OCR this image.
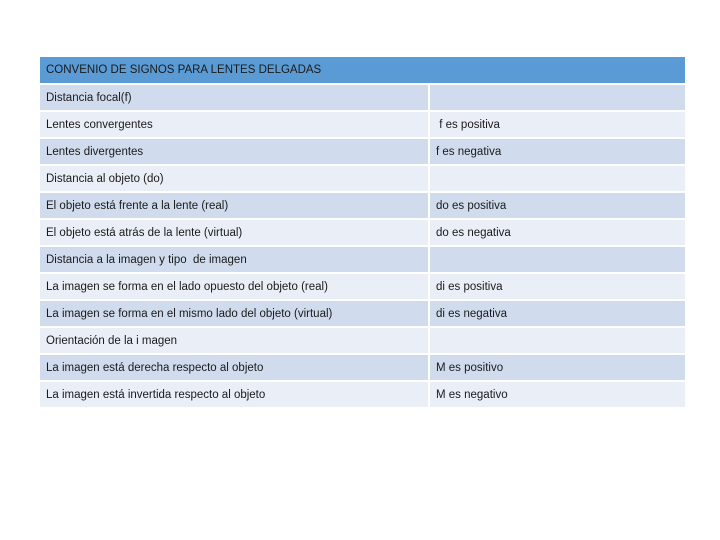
CONVENIO DE SIGNOS PARA LENTES DELGADAS	
Distancia focal(f)	
Lentes convergentes	f es positiva
Lentes divergentes	f es negativa
Distancia al objeto (do)	
El objeto está frente a la lente (real)	do es positiva
El objeto está atrás de la lente (virtual)	do es negativa
Distancia a la imagen y tipo  de imagen	
La imagen se forma en el lado opuesto del objeto (real)	di es positiva
La imagen se forma en el mismo lado del objeto (virtual)	di es negativa
Orientación de la i magen	
La imagen está derecha respecto al objeto	M es positivo
La imagen está invertida respecto al objeto	M es negativo
